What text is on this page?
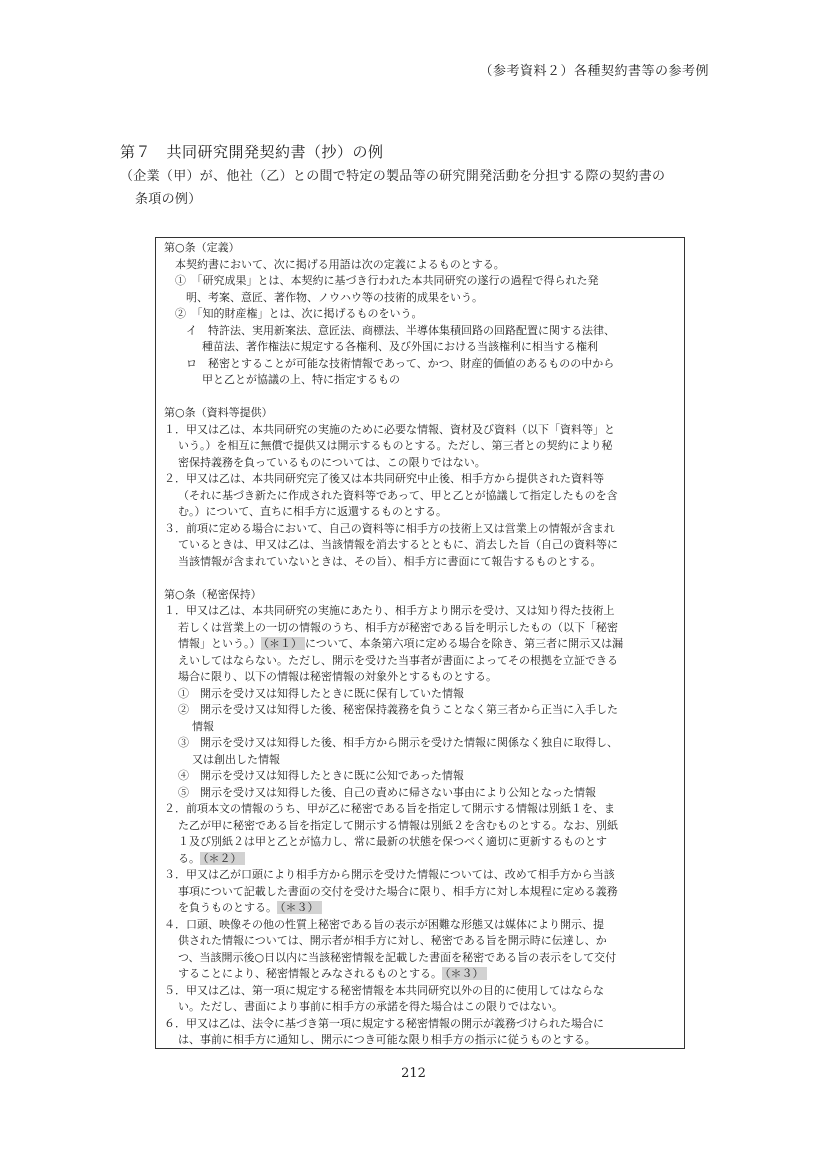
（参考資料２）各種契約書等の参考例
第７　共同研究開発契約書（抄）の例
（企業（甲）が、他社（乙）との間で特定の製品等の研究開発活動を分担する際の契約書の
条項の例）
第○条（定義）
本契約書において、次に掲げる用語は次の定義によるものとする。
①　「研究成果」とは、本契約に基づき行われた本共同研究の遂行の過程で得られた発
明、考案、意匠、著作物、ノウハウ等の技術的成果をいう。
②　「知的財産権」とは、次に掲げるものをいう。
イ　特許法、実用新案法、意匠法、商標法、半導体集積回路の回路配置に関する法律、
種苗法、著作権法に規定する各権利、及び外国における当該権利に相当する権利
ロ　秘密とすることが可能な技術情報であって、かつ、財産的価値のあるものの中から
甲と乙とが協議の上、特に指定するもの
第○条（資料等提供）
１．甲又は乙は、本共同研究の実施のために必要な情報、資材及び資料（以下「資料等」と
いう。）を相互に無償で提供又は開示するものとする。ただし、第三者との契約により秘
密保持義務を負っているものについては、この限りではない。
２．甲又は乙は、本共同研究完了後又は本共同研究中止後、相手方から提供された資料等
（それに基づき新たに作成された資料等であって、甲と乙とが協議して指定したものを含
む。）について、直ちに相手方に返還するものとする。
３．前項に定める場合において、自己の資料等に相手方の技術上又は営業上の情報が含まれ
ているときは、甲又は乙は、当該情報を消去するとともに、消去した旨（自己の資料等に
当該情報が含まれていないときは、その旨）、相手方に書面にて報告するものとする。
第○条（秘密保持）
１．甲又は乙は、本共同研究の実施にあたり、相手方より開示を受け、又は知り得た技術上
若しくは営業上の一切の情報のうち、相手方が秘密である旨を明示したもの（以下「秘密
情報」という。） （＊１） について、本条第六項に定める場合を除き、第三者に開示又は漏
えいしてはならない。ただし、開示を受けた当事者が書面によってその根拠を立証できる
場合に限り、以下の情報は秘密情報の対象外とするものとする。
①　開示を受け又は知得したときに既に保有していた情報
②　開示を受け又は知得した後、秘密保持義務を負うことなく第三者から正当に入手した
情報
③　開示を受け又は知得した後、相手方から開示を受けた情報に関係なく独自に取得し、
又は創出した情報
④　開示を受け又は知得したときに既に公知であった情報
⑤　開示を受け又は知得した後、自己の責めに帰さない事由により公知となった情報
２．前項本文の情報のうち、甲が乙に秘密である旨を指定して開示する情報は別紙１を、ま
た乙が甲に秘密である旨を指定して開示する情報は別紙２を含むものとする。なお、別紙
１及び別紙２は甲と乙とが協力し、常に最新の状態を保つべく適切に更新するものとす
る。 （＊２）
３．甲又は乙が口頭により相手方から開示を受けた情報については、改めて相手方から当該
事項について記載した書面の交付を受けた場合に限り、相手方に対し本規程に定める義務
を負うものとする。 （＊３）
４．口頭、映像その他の性質上秘密である旨の表示が困難な形態又は媒体により開示、提
供された情報については、開示者が相手方に対し、秘密である旨を開示時に伝達し、か
つ、当該開示後○日以内に当該秘密情報を記載した書面を秘密である旨の表示をして交付
することにより、秘密情報とみなされるものとする。 （＊３）
５．甲又は乙は、第一項に規定する秘密情報を本共同研究以外の目的に使用してはならな
い。ただし、書面により事前に相手方の承諾を得た場合はこの限りではない。
６．甲又は乙は、法令に基づき第一項に規定する秘密情報の開示が義務づけられた場合に
は、事前に相手方に通知し、開示につき可能な限り相手方の指示に従うものとする。
212
